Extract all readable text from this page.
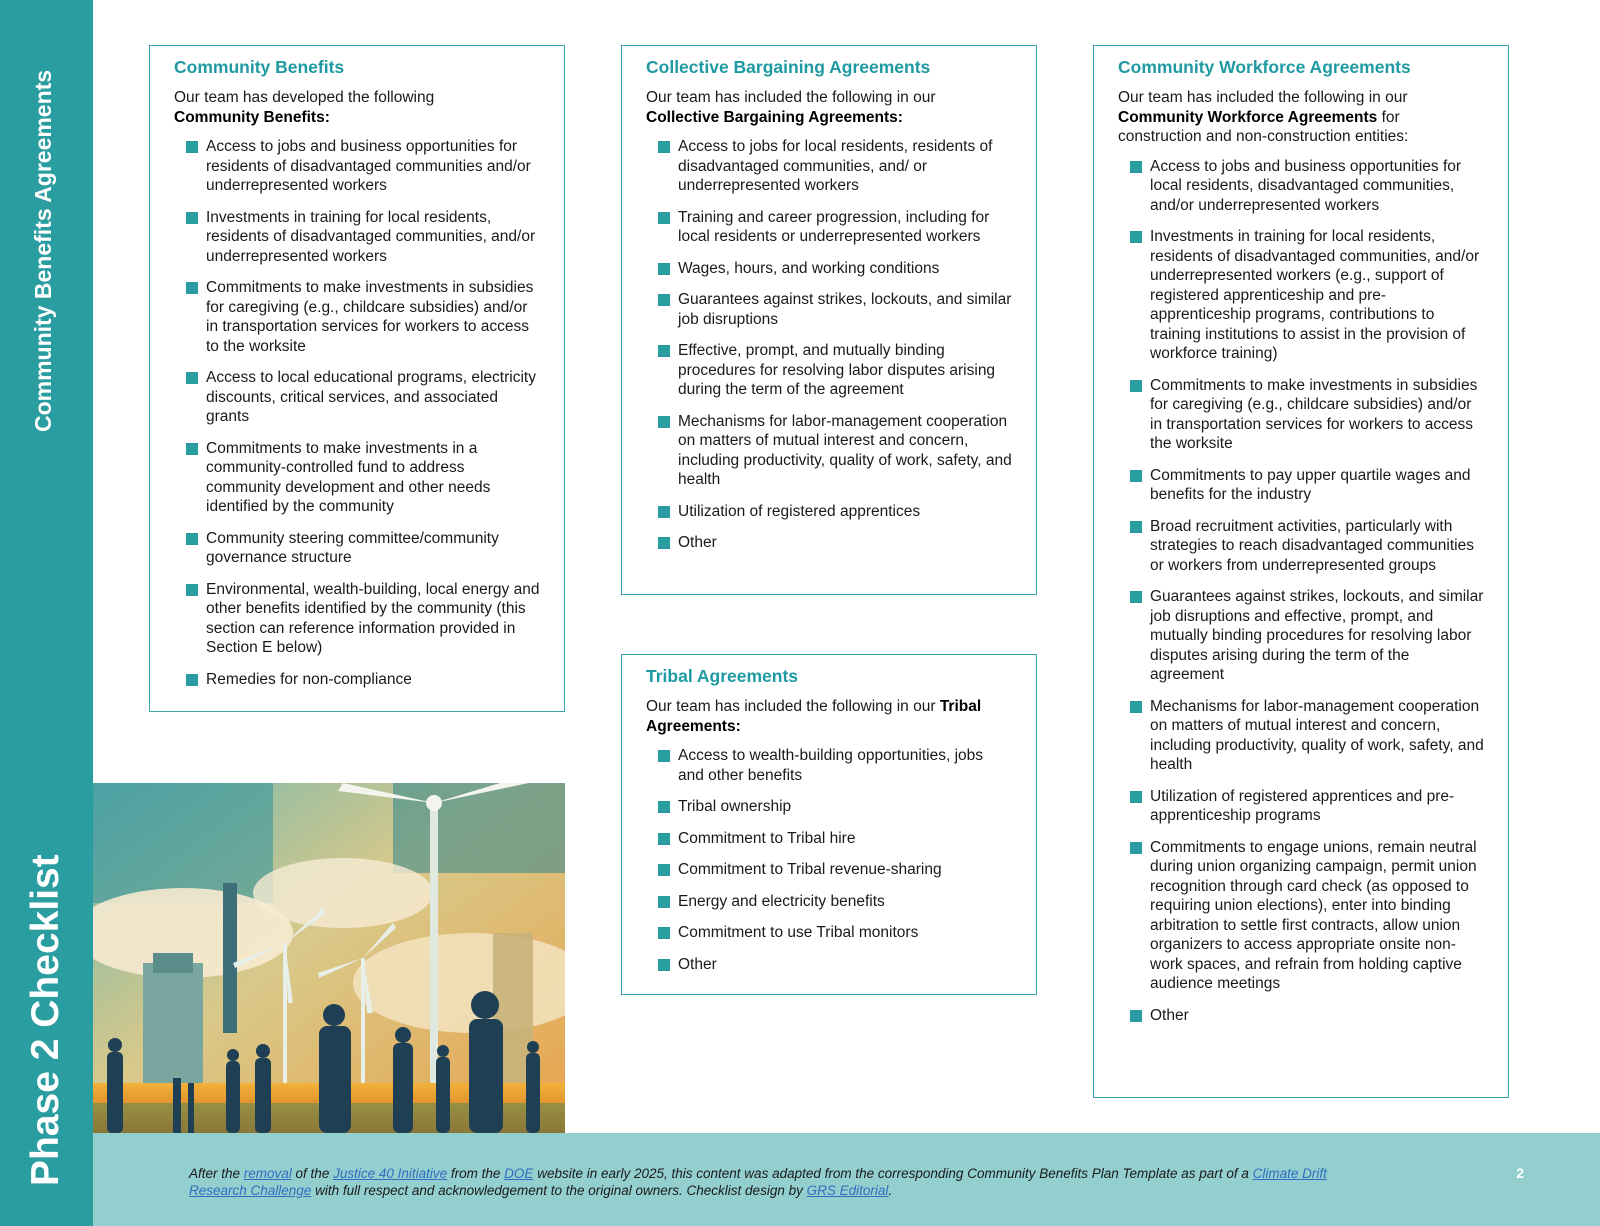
Community Benefits Agreements
Phase 2 Checklist
Community Benefits
Our team has developed the following
Community Benefits:
Access to jobs and business opportunities for residents of disadvantaged communities and/or underrepresented workers
Investments in training for local residents, residents of disadvantaged communities, and/or underrepresented workers
Commitments to make investments in subsidies for caregiving (e.g., childcare subsidies) and/or in transportation services for workers to access to the worksite
Access to local educational programs, electricity discounts, critical services, and associated grants
Commitments to make investments in a community-controlled fund to address community development and other needs identified by the community
Community steering committee/community governance structure
Environmental, wealth-building, local energy and other benefits identified by the community (this section can reference information provided in Section E below)
Remedies for non-compliance
Collective Bargaining Agreements
Our team has included the following in our
Collective Bargaining Agreements:
Access to jobs for local residents, residents of disadvantaged communities, and/ or underrepresented workers
Training and career progression, including for local residents or underrepresented workers
Wages, hours, and working conditions
Guarantees against strikes, lockouts, and similar job disruptions
Effective, prompt, and mutually binding procedures for resolving labor disputes arising during the term of the agreement
Mechanisms for labor-management cooperation on matters of mutual interest and concern, including productivity, quality of work, safety, and health
Utilization of registered apprentices
Other
Tribal Agreements
Our team has included the following in our Tribal Agreements:
Access to wealth-building opportunities, jobs and other benefits
Tribal ownership
Commitment to Tribal hire
Commitment to Tribal revenue-sharing
Energy and electricity benefits
Commitment to use Tribal monitors
Other
Community Workforce Agreements
Our team has included the following in our
Community Workforce Agreements for construction and non-construction entities:
Access to jobs and business opportunities for local residents, disadvantaged communities, and/or underrepresented workers
Investments in training for local residents, residents of disadvantaged communities, and/or underrepresented workers (e.g., support of registered apprenticeship and pre-apprenticeship programs, contributions to training institutions to assist in the provision of workforce training)
Commitments to make investments in subsidies for caregiving (e.g., childcare subsidies) and/or in transportation services for workers to access the worksite
Commitments to pay upper quartile wages and benefits for the industry
Broad recruitment activities, particularly with strategies to reach disadvantaged communities or workers from underrepresented groups
Guarantees against strikes, lockouts, and similar job disruptions and effective, prompt, and mutually binding procedures for resolving labor disputes arising during the term of the agreement
Mechanisms for labor-management cooperation on matters of mutual interest and concern, including productivity, quality of work, safety, and health
Utilization of registered apprentices and pre-apprenticeship programs
Commitments to engage unions, remain neutral during union organizing campaign, permit union recognition through card check (as opposed to requiring union elections), enter into binding arbitration to settle first contracts, allow union organizers to access appropriate onsite non-work spaces, and refrain from holding captive audience meetings
Other
After the removal of the Justice 40 Initiative from the DOE website in early 2025, this content was adapted from the corresponding Community Benefits Plan Template as part of a Climate Drift Research Challenge with full respect and acknowledgement to the original owners. Checklist design by GRS Editorial.
2
